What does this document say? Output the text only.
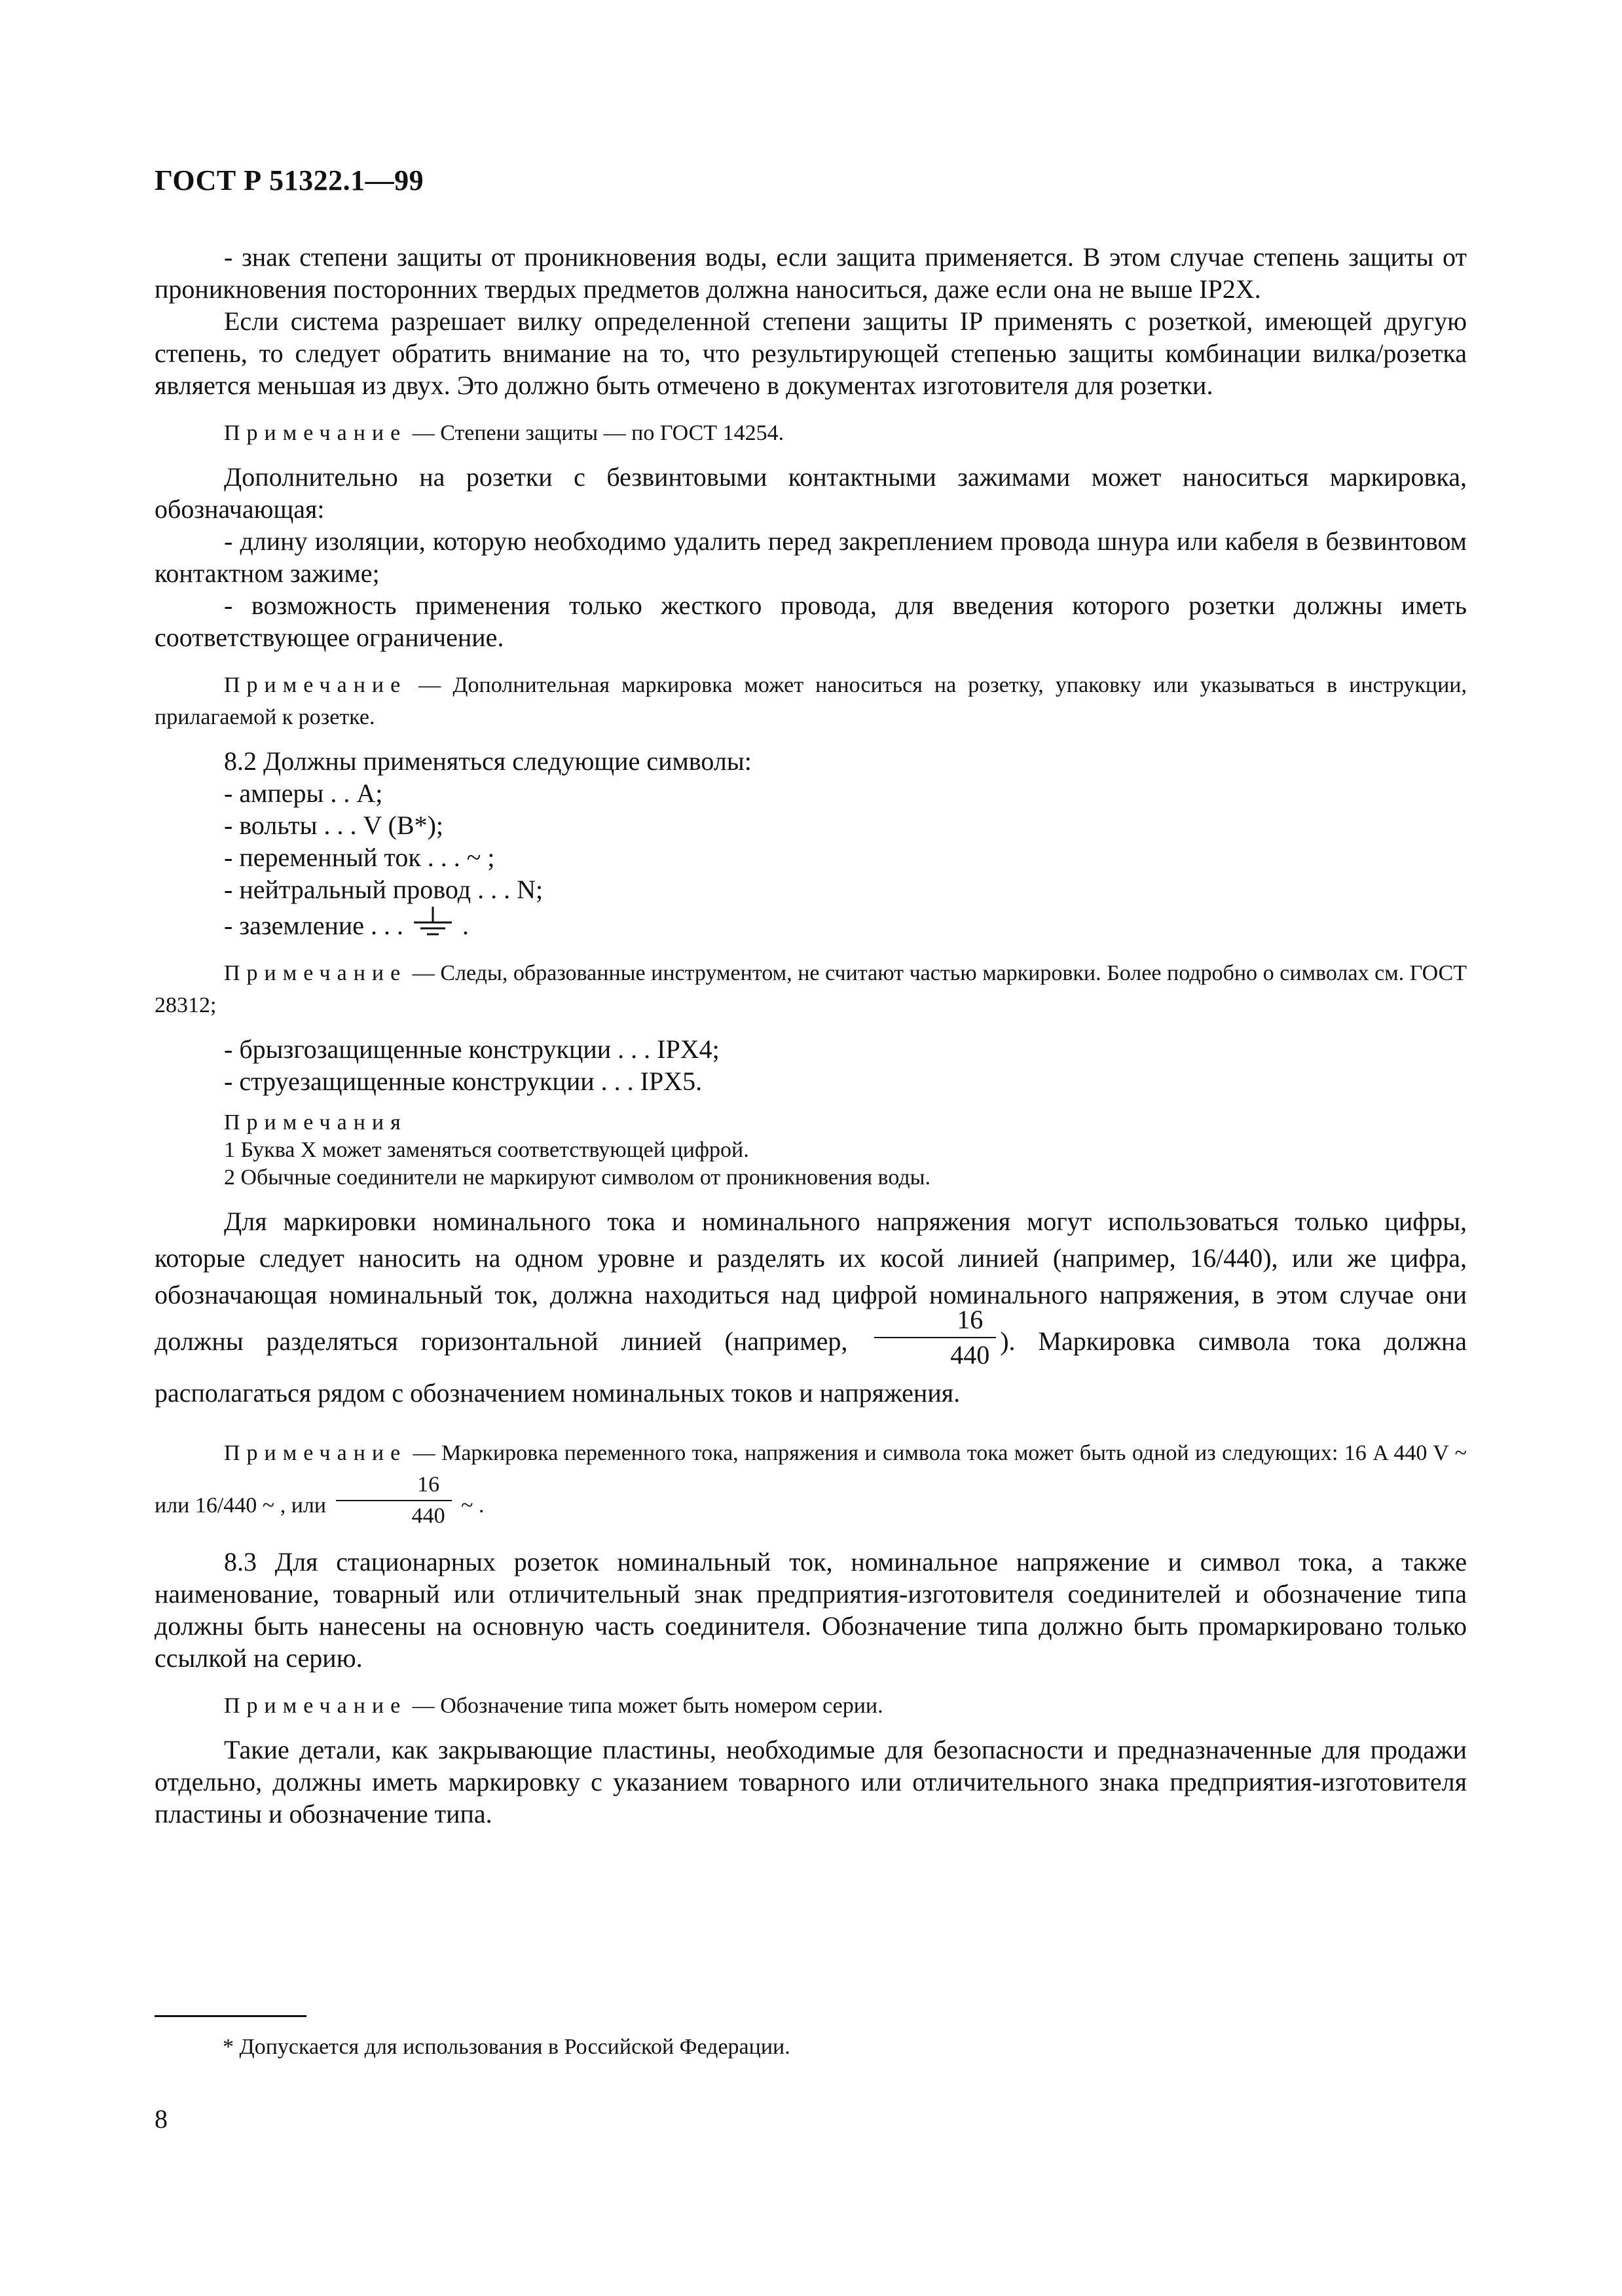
ГОСТ Р 51322.1—99

- знак степени защиты от проникновения воды, если защита применяется. В этом случае степень защиты от проникновения посторонних твердых предметов должна наноситься, даже если она не выше IP2X.

Если система разрешает вилку определенной степени защиты IP применять с розеткой, имеющей другую степень, то следует обратить внимание на то, что результирующей степенью защиты комбинации вилка/розетка является меньшая из двух. Это должно быть отмечено в документах изготовителя для розетки.

Примечание — Степени защиты — по ГОСТ 14254.

Дополнительно на розетки с безвинтовыми контактными зажимами может наноситься маркировка, обозначающая:

- длину изоляции, которую необходимо удалить перед закреплением провода шнура или кабеля в безвинтовом контактном зажиме;

- возможность применения только жесткого провода, для введения которого розетки должны иметь соответствующее ограничение.

Примечание — Дополнительная маркировка может наноситься на розетку, упаковку или указываться в инструкции, прилагаемой к розетке.

8.2 Должны применяться следующие символы:

- амперы . . A;

- вольты . . . V (В*);

- переменный ток . . . ~ ;

- нейтральный провод . . . N;

- заземление . . .  .

Примечание — Следы, образованные инструментом, не считают частью маркировки. Более подробно о символах см. ГОСТ 28312;

- брызгозащищенные конструкции . . . IPX4;

- струезащищенные конструкции . . . IPX5.

Примечания

1 Буква X может заменяться соответствующей цифрой.

2 Обычные соединители не маркируют символом от проникновения воды.

Для маркировки номинального тока и номинального напряжения могут использоваться только цифры, которые следует наносить на одном уровне и разделять их косой линией (например, 16/440), или же цифра, обозначающая номинальный ток, должна находиться над цифрой номинального напряжения, в этом случае они должны разделяться горизонтальной линией (например, $\frac{16}{440}$ ). Маркировка символа тока должна располагаться рядом с обозначением номинальных токов и напряжения.

Примечание — Маркировка переменного тока, напряжения и символа тока может быть одной из следующих: 16 A 440 V ~ или 16/440 ~ , или $\frac{16}{440}$ ~ .

8.3 Для стационарных розеток номинальный ток, номинальное напряжение и символ тока, а также наименование, товарный или отличительный знак предприятия-изготовителя соединителей и обозначение типа должны быть нанесены на основную часть соединителя. Обозначение типа должно быть промаркировано только ссылкой на серию.

Примечание — Обозначение типа может быть номером серии.

Такие детали, как закрывающие пластины, необходимые для безопасности и предназначенные для продажи отдельно, должны иметь маркировку с указанием товарного или отличительного знака предприятия-изготовителя пластины и обозначение типа.

* Допускается для использования в Российской Федерации.
8
